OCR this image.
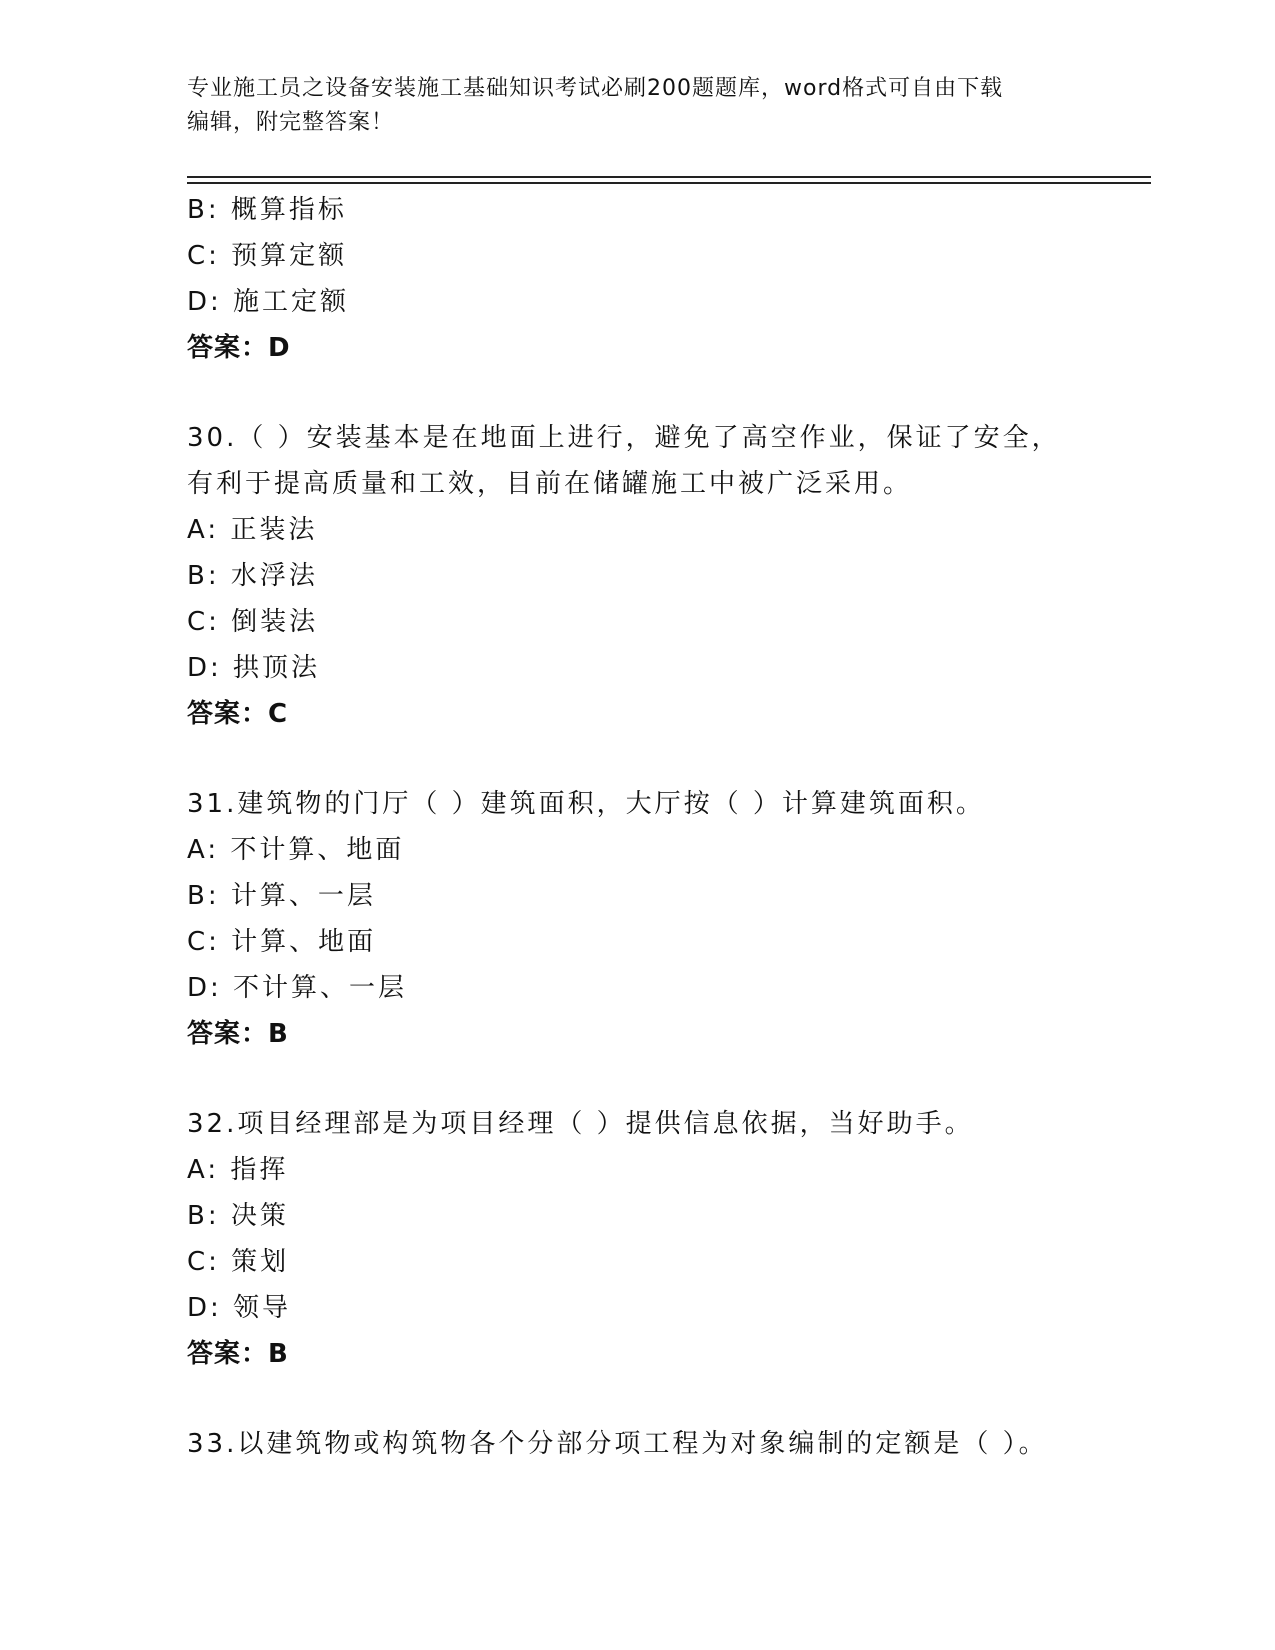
专业施工员之设备安装施工基础知识考试必刷200题题库，word格式可自由下载
编辑，附完整答案！
B: 概算指标
C: 预算定额
D: 施工定额
答案：D
30.（ ）安装基本是在地面上进行，避免了高空作业，保证了安全，
有利于提高质量和工效，目前在储罐施工中被广泛采用。
A: 正装法
B: 水浮法
C: 倒装法
D: 拱顶法
答案：C
31.建筑物的门厅（ ）建筑面积，大厅按（ ）计算建筑面积。
A: 不计算、地面
B: 计算、一层
C: 计算、地面
D: 不计算、一层
答案：B
32.项目经理部是为项目经理（ ）提供信息依据，当好助手。
A: 指挥
B: 决策
C: 策划
D: 领导
答案：B
33.以建筑物或构筑物各个分部分项工程为对象编制的定额是（ ）。
